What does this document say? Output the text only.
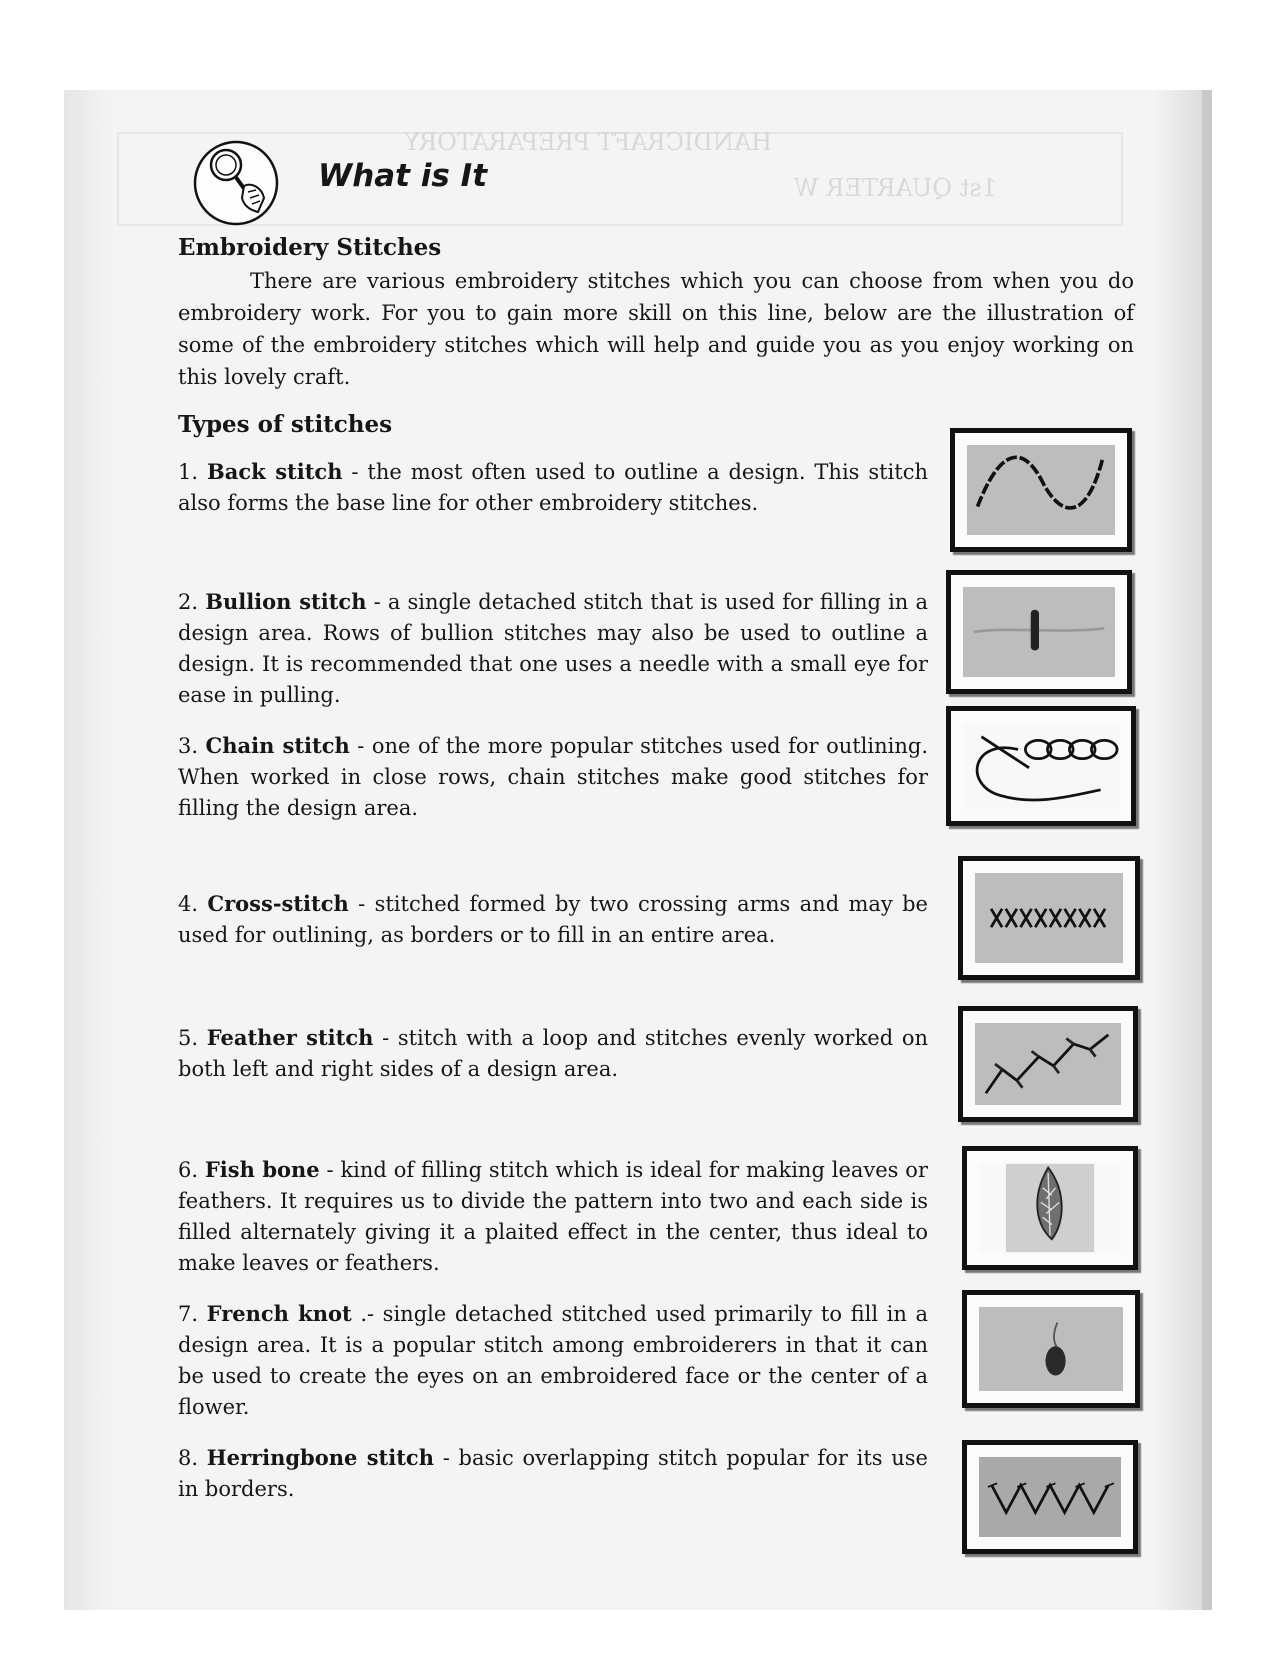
HANDICRAFT PREPARATORY
1st QUARTER W
What is It
Embroidery Stitches

There are various embroidery stitches which you can choose from when you do embroidery work. For you to gain more skill on this line, below are the illustration of some of the embroidery stitches which will help and guide you as you enjoy working on this lovely craft.

Types of stitches

1. Back stitch - the most often used to outline a design. This stitch also forms the base line for other embroidery stitches.

2. Bullion stitch - a single detached stitch that is used for filling in a design area. Rows of bullion stitches may also be used to outline a design. It is recommended that one uses a needle with a small eye for ease in pulling.

3. Chain stitch - one of the more popular stitches used for outlining. When worked in close rows, chain stitches make good stitches for filling the design area.

4. Cross-stitch - stitched formed by two crossing arms and may be used for outlining, as borders or to fill in an entire area.

5. Feather stitch - stitch with a loop and stitches evenly worked on both left and right sides of a design area.

6. Fish bone - kind of filling stitch which is ideal for making leaves or feathers. It requires us to divide the pattern into two and each side is filled alternately giving it a plaited effect in the center, thus ideal to make leaves or feathers.

7. French knot .- single detached stitched used primarily to fill in a design area. It is a popular stitch among embroiderers in that it can be used to create the eyes on an embroidered face or the center of a flower.

8. Herringbone stitch - basic overlapping stitch popular for its use in borders.
